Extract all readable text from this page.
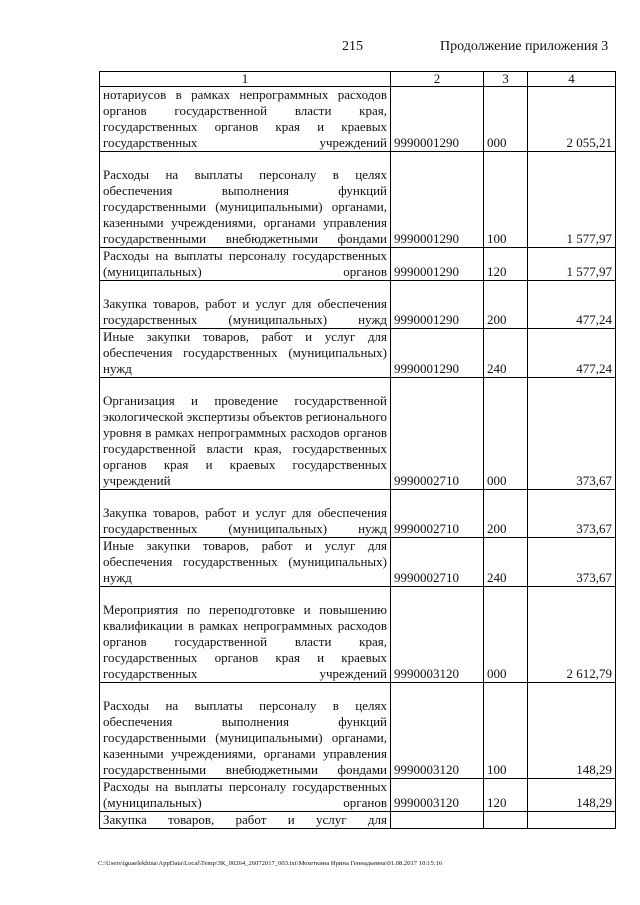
215	Продолжение приложения 3
1	2	3	4
нотариусов в рамках непрограммных расходов органов государственной власти края, государственных органов края и краевых государственных учреждений	9990001290	000	2 055,21
Расходы на выплаты персоналу в целях обеспечения выполнения функций государственными (муниципальными) органами, казенными учреждениями, органами управления государственными внебюджетными фондами	9990001290	100	1 577,97
Расходы на выплаты персоналу государственных (муниципальных) органов	9990001290	120	1 577,97
Закупка товаров, работ и услуг для обеспечения государственных (муниципальных) нужд	9990001290	200	477,24
Иные закупки товаров, работ и услуг для обеспечения государственных (муниципальных) нужд	9990001290	240	477,24
Организация и проведение государственной экологической экспертизы объектов регионального уровня в рамках непрограммных расходов органов государственной власти края, государственных органов края и краевых государственных учреждений	9990002710	000	373,67
Закупка товаров, работ и услуг для обеспечения государственных (муниципальных) нужд	9990002710	200	373,67
Иные закупки товаров, работ и услуг для обеспечения государственных (муниципальных) нужд	9990002710	240	373,67
Мероприятия по переподготовке и повышению квалификации в рамках непрограммных расходов органов государственной власти края, государственных органов края и краевых государственных учреждений	9990003120	000	2 612,79
Расходы на выплаты персоналу в целях обеспечения выполнения функций государственными (муниципальными) органами, казенными учреждениями, органами управления государственными внебюджетными фондами	9990003120	100	148,29
Расходы на выплаты персоналу государственных (муниципальных) органов	9990003120	120	148,29
Закупка товаров, работ и услуг для			
C:\Users\iguaelekhina\AppData\Local\Temp\ЗК_00264_26072017_003.txt\Мехеткина Ирина Геннадьевна\01.08.2017 10:15:16
